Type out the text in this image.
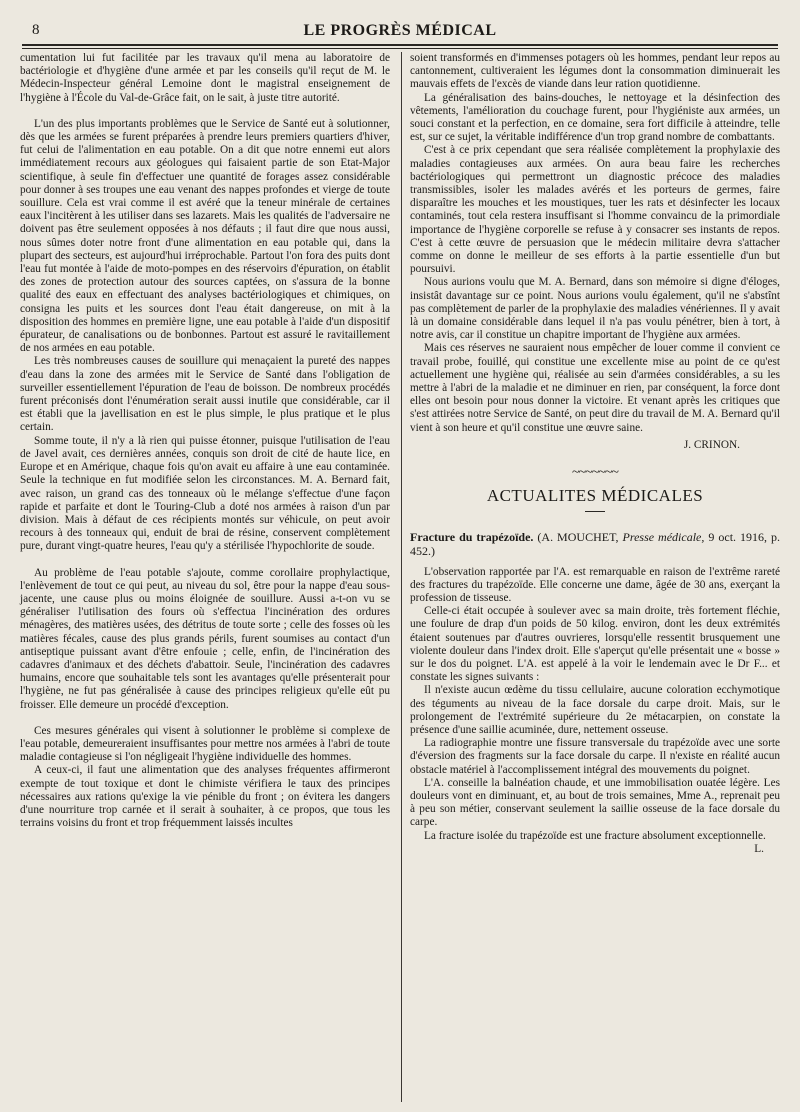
8	LE PROGRÈS MÉDICAL

cumentation lui fut facilitée par les travaux qu'il mena au laboratoire de bactériologie et d'hygiène d'une armée et par les conseils qu'il reçut de M. le Médecin-Inspecteur général Lemoine dont le magistral enseignement de l'hygiène à l'École du Val-de-Grâce fait, on le sait, à juste titre autorité.

L'un des plus importants problèmes que le Service de Santé eut à solutionner, dès que les armées se furent préparées à prendre leurs premiers quartiers d'hiver, fut celui de l'alimentation en eau potable. On a dit que notre ennemi eut alors immédiatement recours aux géologues qui faisaient partie de son Etat-Major scientifique, à seule fin d'effectuer une quantité de forages assez considérable pour donner à ses troupes une eau venant des nappes profondes et vierge de toute souillure. Cela est vrai comme il est avéré que la teneur minérale de certaines eaux l'incitèrent à les utiliser dans ses lazarets. Mais les qualités de l'adversaire ne doivent pas être seulement opposées à nos défauts ; il faut dire que nous aussi, nous sûmes doter notre front d'une alimentation en eau potable qui, dans la plupart des secteurs, est aujourd'hui irréprochable. Partout l'on fora des puits dont l'eau fut montée à l'aide de moto-pompes en des réservoirs d'épuration, on établit des zones de protection autour des sources captées, on s'assura de la bonne qualité des eaux en effectuant des analyses bactériologiques et chimiques, on consigna les puits et les sources dont l'eau était dangereuse, on mit à la disposition des hommes en première ligne, une eau potable à l'aide d'un dispositif épurateur, de canalisations ou de bonbonnes. Partout est assuré le ravitaillement de nos armées en eau potable.

Les très nombreuses causes de souillure qui menaçaient la pureté des nappes d'eau dans la zone des armées mit le Service de Santé dans l'obligation de surveiller essentiellement l'épuration de l'eau de boisson. De nombreux procédés furent préconisés dont l'énumération serait aussi inutile que considérable, car il est établi que la javellisation en est le plus simple, le plus pratique et le plus certain.

Somme toute, il n'y a là rien qui puisse étonner, puisque l'utilisation de l'eau de Javel avait, ces dernières années, conquis son droit de cité de haute lice, en Europe et en Amérique, chaque fois qu'on avait eu affaire à une eau contaminée. Seule la technique en fut modifiée selon les circonstances. M. A. Bernard fait, avec raison, un grand cas des tonneaux où le mélange s'effectue d'une façon rapide et parfaite et dont le Touring-Club a doté nos armées à raison d'un par division. Mais à défaut de ces récipients montés sur véhicule, on peut avoir recours à des tonneaux qui, enduit de brai de résine, conservent complètement pure, durant vingt-quatre heures, l'eau qu'y a stérilisée l'hypochlorite de soude.

Au problème de l'eau potable s'ajoute, comme corollaire prophylactique, l'enlèvement de tout ce qui peut, au niveau du sol, être pour la nappe d'eau sous-jacente, une cause plus ou moins éloignée de souillure. Aussi a-t-on vu se généraliser l'utilisation des fours où s'effectua l'incinération des ordures ménagères, des matières usées, des détritus de toute sorte ; celle des fosses où les matières fécales, cause des plus grands périls, furent soumises au contact d'un antiseptique puissant avant d'être enfouie ; celle, enfin, de l'incinération des cadavres d'animaux et des déchets d'abattoir. Seule, l'incinération des cadavres humains, encore que souhaitable tels sont les avantages qu'elle présenterait pour l'hygiène, ne fut pas généralisée à cause des principes religieux qu'elle eût pu froisser. Elle demeure un procédé d'exception.

Ces mesures générales qui visent à solutionner le problème si complexe de l'eau potable, demeureraient insuffisantes pour mettre nos armées à l'abri de toute maladie contagieuse si l'on négligeait l'hygiène individuelle des hommes.

A ceux-ci, il faut une alimentation que des analyses fréquentes affirmeront exempte de tout toxique et dont le chimiste vérifiera le taux des principes nécessaires aux rations qu'exige la vie pénible du front ; on évitera les dangers d'une nourriture trop carnée et il serait à souhaiter, à ce propos, que tous les terrains voisins du front et trop fréquemment laissés incultes

soient transformés en d'immenses potagers où les hommes, pendant leur repos au cantonnement, cultiveraient les légumes dont la consommation diminuerait les mauvais effets de l'excès de viande dans leur ration quotidienne.

La généralisation des bains-douches, le nettoyage et la désinfection des vêtements, l'amélioration du couchage furent, pour l'hygiéniste aux armées, un souci constant et la perfection, en ce domaine, sera fort difficile à atteindre, telle est, sur ce sujet, la véritable indifférence d'un trop grand nombre de combattants.

C'est à ce prix cependant que sera réalisée complètement la prophylaxie des maladies contagieuses aux armées. On aura beau faire les recherches bactériologiques qui permettront un diagnostic précoce des maladies transmissibles, isoler les malades avérés et les porteurs de germes, faire disparaître les mouches et les moustiques, tuer les rats et désinfecter les locaux contaminés, tout cela restera insuffisant si l'homme convaincu de la primordiale importance de l'hygiène corporelle se refuse à y consacrer ses instants de repos. C'est à cette œuvre de persuasion que le médecin militaire devra s'attacher comme on donne le meilleur de ses efforts à la partie essentielle d'un but poursuivi.

Nous aurions voulu que M. A. Bernard, dans son mémoire si digne d'éloges, insistât davantage sur ce point. Nous aurions voulu également, qu'il ne s'abstînt pas complètement de parler de la prophylaxie des maladies vénériennes. Il y avait là un domaine considérable dans lequel il n'a pas voulu pénétrer, bien à tort, à notre avis, car il constitue un chapitre important de l'hygiène aux armées.

Mais ces réserves ne sauraient nous empêcher de louer comme il convient ce travail probe, fouillé, qui constitue une excellente mise au point de ce qu'est actuellement une hygiène qui, réalisée au sein d'armées considérables, a su les mettre à l'abri de la maladie et ne diminuer en rien, par conséquent, la force dont elles ont besoin pour nous donner la victoire. Et venant après les critiques que s'est attirées notre Service de Santé, on peut dire du travail de M. A. Bernard qu'il vient à son heure et qu'il constitue une œuvre saine.

J. CRINON.
~~~~~~~
ACTUALITES MÉDICALES

Fracture du trapézoïde. (A. MOUCHET, Presse médicale, 9 oct. 1916, p. 452.)

L'observation rapportée par l'A. est remarquable en raison de l'extrême rareté des fractures du trapézoïde. Elle concerne une dame, âgée de 30 ans, exerçant la profession de tisseuse.

Celle-ci était occupée à soulever avec sa main droite, très fortement fléchie, une foulure de drap d'un poids de 50 kilog. environ, dont les deux extrémités étaient soutenues par d'autres ouvrieres, lorsqu'elle ressentit brusquement une violente douleur dans l'index droit. Elle s'aperçut qu'elle présentait une « bosse » sur le dos du poignet. L'A. est appelé à la voir le lendemain avec le Dr F... et constate les signes suivants :

Il n'existe aucun œdème du tissu cellulaire, aucune coloration ecchymotique des téguments au niveau de la face dorsale du carpe droit. Mais, sur le prolongement de l'extrémité supérieure du 2e métacarpien, on constate la présence d'une saillie acuminée, dure, nettement osseuse.

La radiographie montre une fissure transversale du trapézoïde avec une sorte d'éversion des fragments sur la face dorsale du carpe. Il n'existe en réalité aucun obstacle matériel à l'accomplissement intégral des mouvements du poignet.

L'A. conseille la balnéation chaude, et une immobilisation ouatée légère. Les douleurs vont en diminuant, et, au bout de trois semaines, Mme A., reprenait peu à peu son métier, conservant seulement la saillie osseuse de la face dorsale du carpe.

La fracture isolée du trapézoïde est une fracture absolument exceptionnelle.
L.
